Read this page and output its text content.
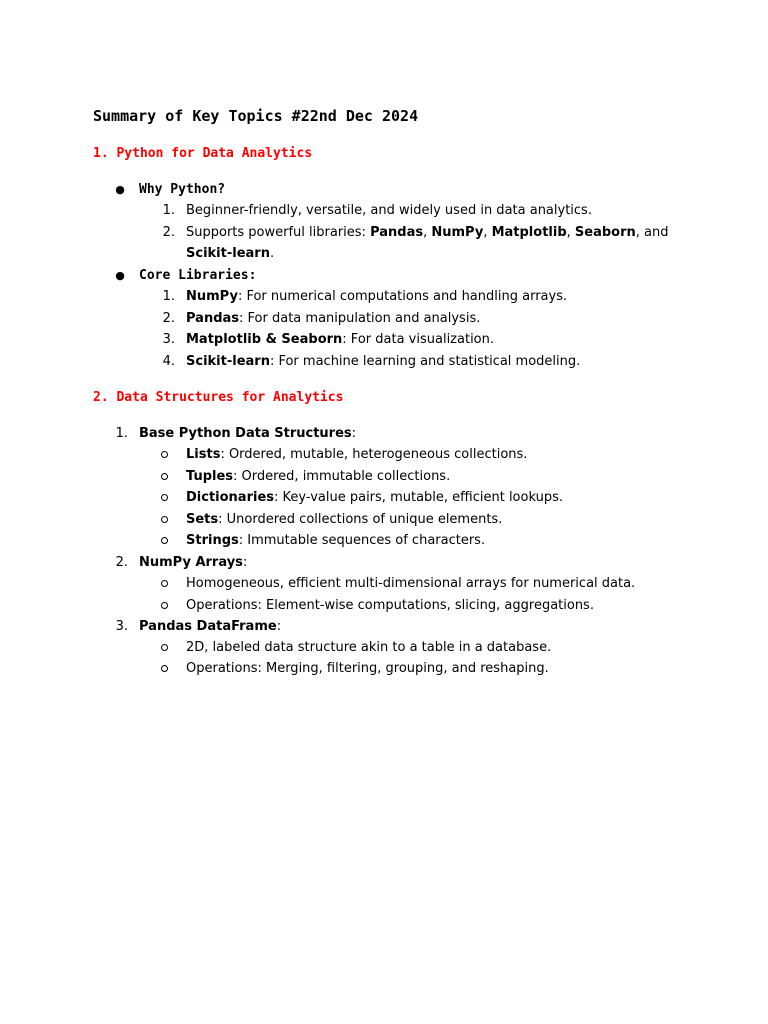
Summary of Key Topics #22nd Dec 2024
1. Python for Data Analytics
● Why Python?
1. Beginner-friendly, versatile, and widely used in data analytics.
2. Supports powerful libraries: Pandas, NumPy, Matplotlib, Seaborn, and
Scikit-learn.
● Core Libraries:
1. NumPy: For numerical computations and handling arrays.
2. Pandas: For data manipulation and analysis.
3. Matplotlib & Seaborn: For data visualization.
4. Scikit-learn: For machine learning and statistical modeling.
2. Data Structures for Analytics
1. Base Python Data Structures:
Lists: Ordered, mutable, heterogeneous collections.
Tuples: Ordered, immutable collections.
Dictionaries: Key-value pairs, mutable, efficient lookups.
Sets: Unordered collections of unique elements.
Strings: Immutable sequences of characters.
2. NumPy Arrays:
Homogeneous, efficient multi-dimensional arrays for numerical data.
Operations: Element-wise computations, slicing, aggregations.
3. Pandas DataFrame:
2D, labeled data structure akin to a table in a database.
Operations: Merging, filtering, grouping, and reshaping.
